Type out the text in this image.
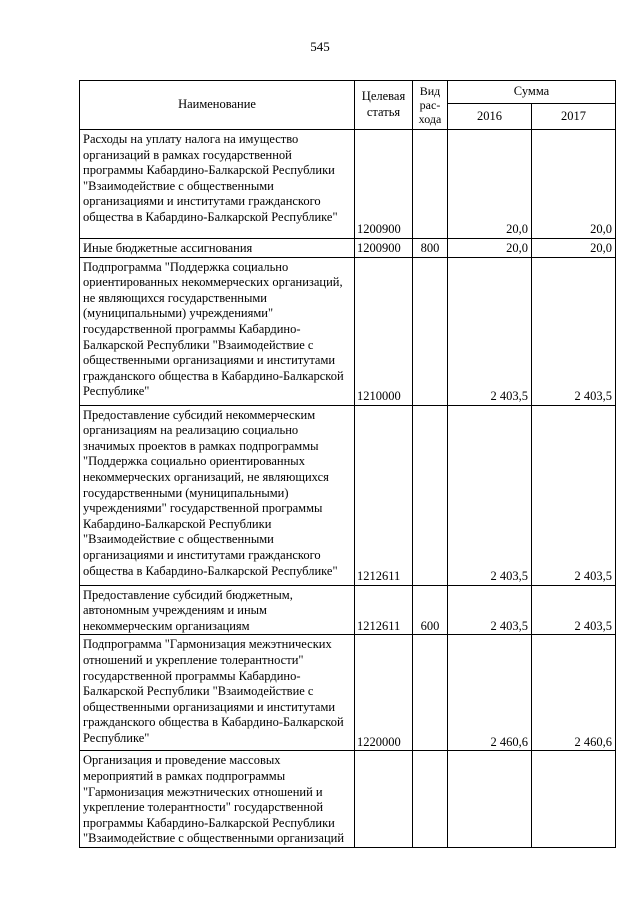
545
Наименование	Целевая статья	Вид рас-хода	Сумма	
			2016	2017
Расходы на уплату налога на имущество организаций в рамках государственной программы Кабардино-Балкарской Республики "Взаимодействие с общественными организациями и институтами гражданского общества в Кабардино-Балкарской Республике"	1200900		20,0	20,0
Иные бюджетные ассигнования	1200900	800	20,0	20,0
Подпрограмма "Поддержка социально ориентированных некоммерческих организаций, не являющихся государственными (муниципальными) учреждениями" государственной программы Кабардино-Балкарской Республики "Взаимодействие с общественными организациями и институтами гражданского общества в Кабардино-Балкарской Республике"	1210000		2 403,5	2 403,5
Предоставление субсидий некоммерческим организациям на реализацию социально значимых проектов в рамках подпрограммы "Поддержка социально ориентированных некоммерческих организаций, не являющихся государственными (муниципальными) учреждениями" государственной программы Кабардино-Балкарской Республики "Взаимодействие с общественными организациями и институтами гражданского общества в Кабардино-Балкарской Республике"	1212611		2 403,5	2 403,5
Предоставление субсидий бюджетным, автономным учреждениям и иным некоммерческим организациям	1212611	600	2 403,5	2 403,5
Подпрограмма "Гармонизация межэтнических отношений и укрепление толерантности" государственной программы Кабардино-Балкарской Республики "Взаимодействие с общественными организациями и институтами гражданского общества в Кабардино-Балкарской Республике"	1220000		2 460,6	2 460,6
Организация и проведение массовых мероприятий в рамках подпрограммы "Гармонизация межэтнических отношений и укрепление толерантности" государственной программы Кабардино-Балкарской Республики "Взаимодействие с общественными организаций				
